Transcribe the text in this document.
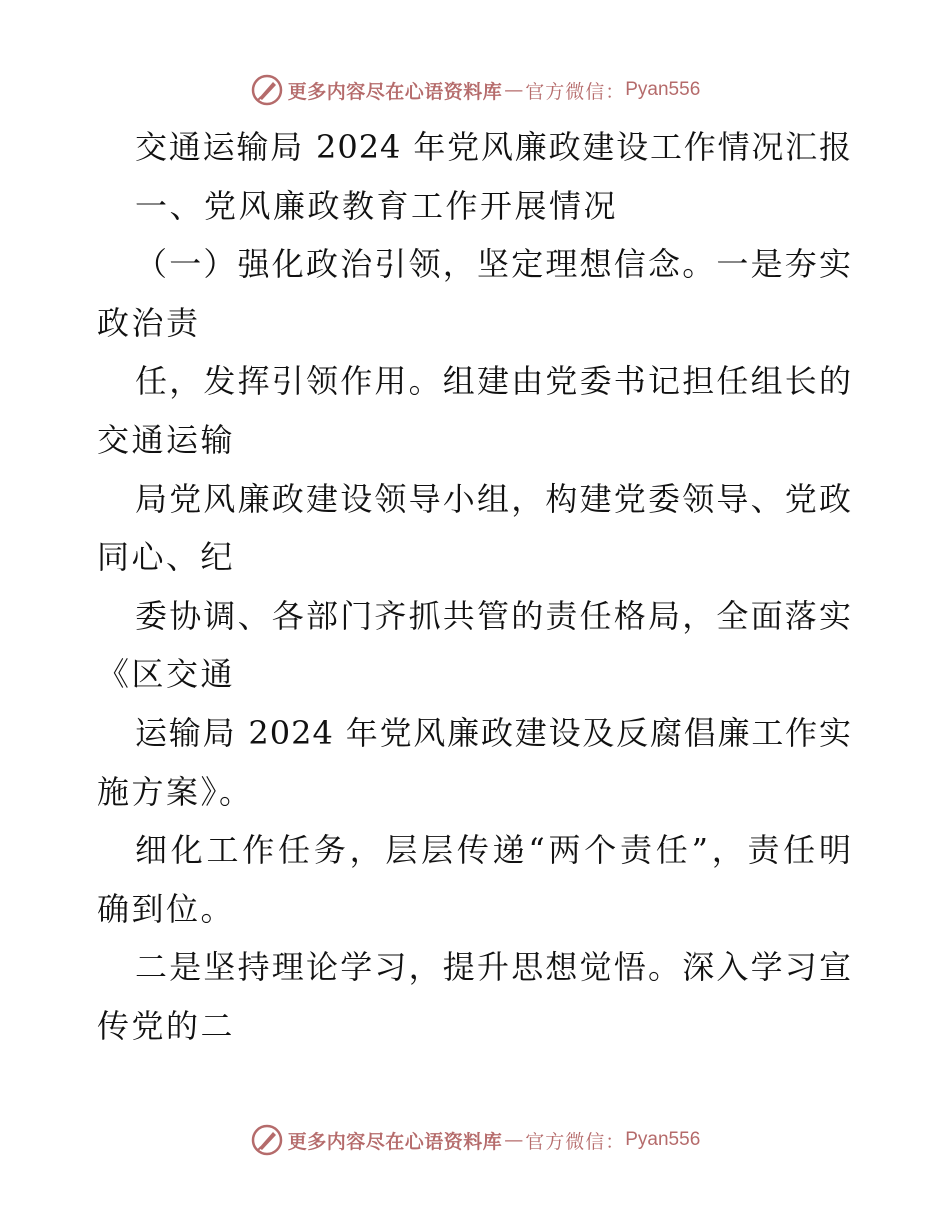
更多内容尽在心语资料库 — 官方微信： Pyan556
交通运输局 2024 年党风廉政建设工作情况汇报
一、党风廉政教育工作开展情况
（一）强化政治引领，坚定理想信念。一是夯实
政治责
任，发挥引领作用。组建由党委书记担任组长的
交通运输
局党风廉政建设领导小组，构建党委领导、党政
同心、纪
委协调、各部门齐抓共管的责任格局，全面落实
《区交通
运输局 2024 年党风廉政建设及反腐倡廉工作实
施方案》。
细化工作任务，层层传递“两个责任”，责任明
确到位。
二是坚持理论学习，提升思想觉悟。深入学习宣
传党的二
更多内容尽在心语资料库 — 官方微信： Pyan556
